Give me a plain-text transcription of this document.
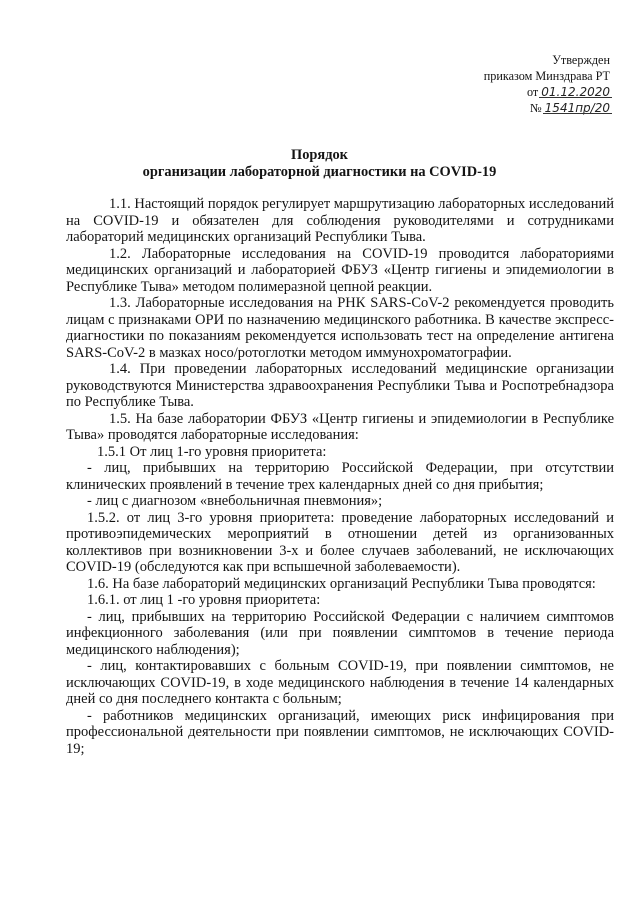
Утвержден
приказом Минздрава РТ
от 01.12.2020
№ 1541пр/20
Порядок
организации лабораторной диагностики на COVID-19

1.1. Настоящий порядок регулирует маршрутизацию лабораторных исследований на COVID-19 и обязателен для соблюдения руководителями и сотрудниками лабораторий медицинских организаций Республики Тыва.

1.2. Лабораторные исследования на COVID-19 проводится лабораториями медицинских организаций и лабораторией ФБУЗ «Центр гигиены и эпидемиологии в Республике Тыва» методом полимеразной цепной реакции.

1.3. Лабораторные исследования на РНК SARS-CoV-2 рекомендуется проводить лицам с признаками ОРИ по назначению медицинского работника. В качестве экспресс-диагностики по показаниям рекомендуется использовать тест на определение антигена SARS-CoV-2 в мазках носо/ротоглотки методом иммунохроматографии.

1.4. При проведении лабораторных исследований медицинские организации руководствуются Министерства здравоохранения Республики Тыва и Роспотребнадзора по Республике Тыва.

1.5. На базе лаборатории ФБУЗ «Центр гигиены и эпидемиологии в Республике Тыва» проводятся лабораторные исследования:

1.5.1 От лиц 1-го уровня приоритета:

- лиц, прибывших на территорию Российской Федерации, при отсутствии клинических проявлений в течение трех календарных дней со дня прибытия;

- лиц с диагнозом «внебольничная пневмония»;

1.5.2. от лиц 3-го уровня приоритета: проведение лабораторных исследований и противоэпидемических мероприятий в отношении детей из организованных коллективов при возникновении 3-х и более случаев заболеваний, не исключающих COVID-19 (обследуются как при вспышечной заболеваемости).

1.6. На базе лабораторий медицинских организаций Республики Тыва проводятся:

1.6.1. от лиц 1 -го уровня приоритета:

- лиц, прибывших на территорию Российской Федерации с наличием симптомов инфекционного заболевания (или при появлении симптомов в течение периода медицинского наблюдения);

- лиц, контактировавших с больным COVID-19, при появлении симптомов, не исключающих COVID-19, в ходе медицинского наблюдения в течение 14 календарных дней со дня последнего контакта с больным;

- работников медицинских организаций, имеющих риск инфицирования при профессиональной деятельности при появлении симптомов, не исключающих COVID-19;
